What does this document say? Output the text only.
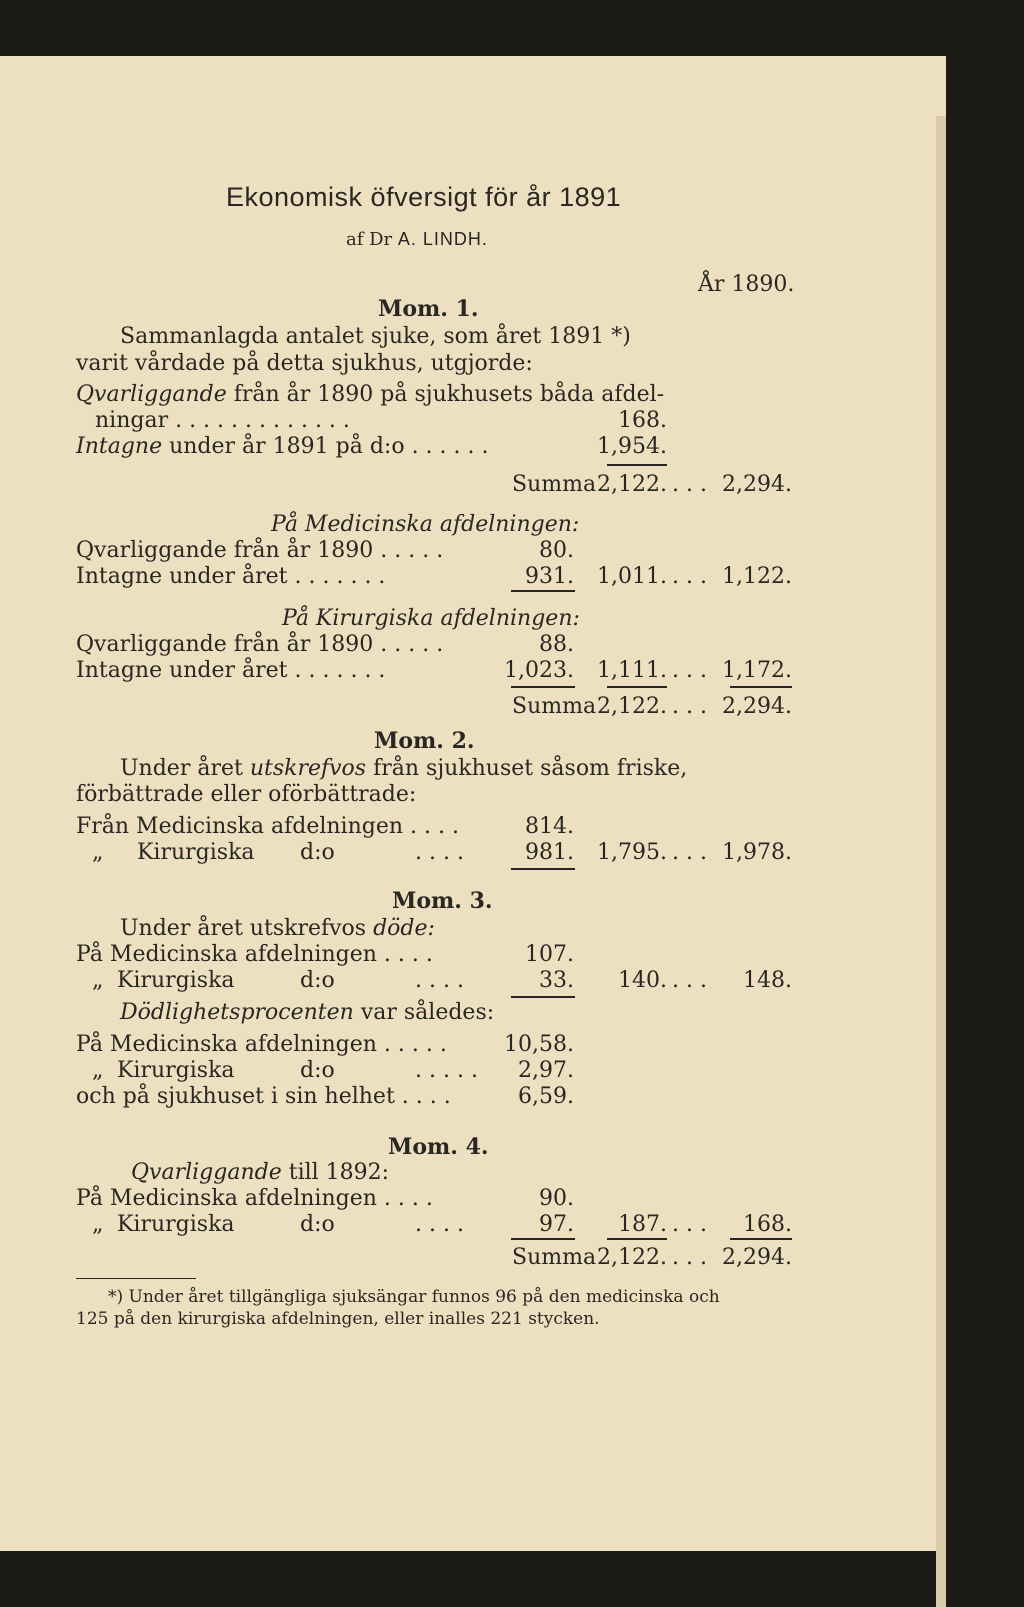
Ekonomisk öfversigt för år 1891
af Dr A. LINDH.
År 1890.
Mom. 1.
Sammanlagda antalet sjuke, som året 1891 *)
varit vårdade på detta sjukhus, utgjorde:
Qvarliggande från år 1890 på sjukhusets båda afdel-
ningar . . . . . . . . . . . . .	168.
Intagne under år 1891 på d:o . . . . . .	1,954.
Summa 2,122. . . . 2,294.
På Medicinska afdelningen:
Qvarliggande från år 1890 . . . . .	80.
Intagne under året . . . . . . .	931.	1,011. . . . 1,122.
På Kirurgiska afdelningen:
Qvarliggande från år 1890 . . . . .	88.
Intagne under året . . . . . . .	1,023.	1,111. . . . 1,172.
Summa 2,122. . . . 2,294.
Mom. 2.
Under året utskrefvos från sjukhuset såsom friske,
förbättrade eller oförbättrade:
Från Medicinska afdelningen . . . .	814.
„ Kirurgiska d:o	. . . .	981.	1,795. . . . 1,978.
Mom. 3.
Under året utskrefvos döde:
På Medicinska afdelningen . . . .	107.
„ Kirurgiska	d:o	. . . .	33.	140. . . .	148.
Dödlighetsprocenten var således:
På Medicinska afdelningen . . . . .	10,58.
„ Kirurgiska	d:o	. . . . .	2,97.
och på sjukhuset i sin helhet . . . .	6,59.
Mom. 4.
Qvarliggande till 1892:
På Medicinska afdelningen . . . .	90.
„ Kirurgiska	d:o	. . . .	97.	187. . . .	168.
Summa 2,122. . . . 2,294.
*) Under året tillgängliga sjuksängar funnos 96 på den medicinska och
125 på den kirurgiska afdelningen, eller inalles 221 stycken.
